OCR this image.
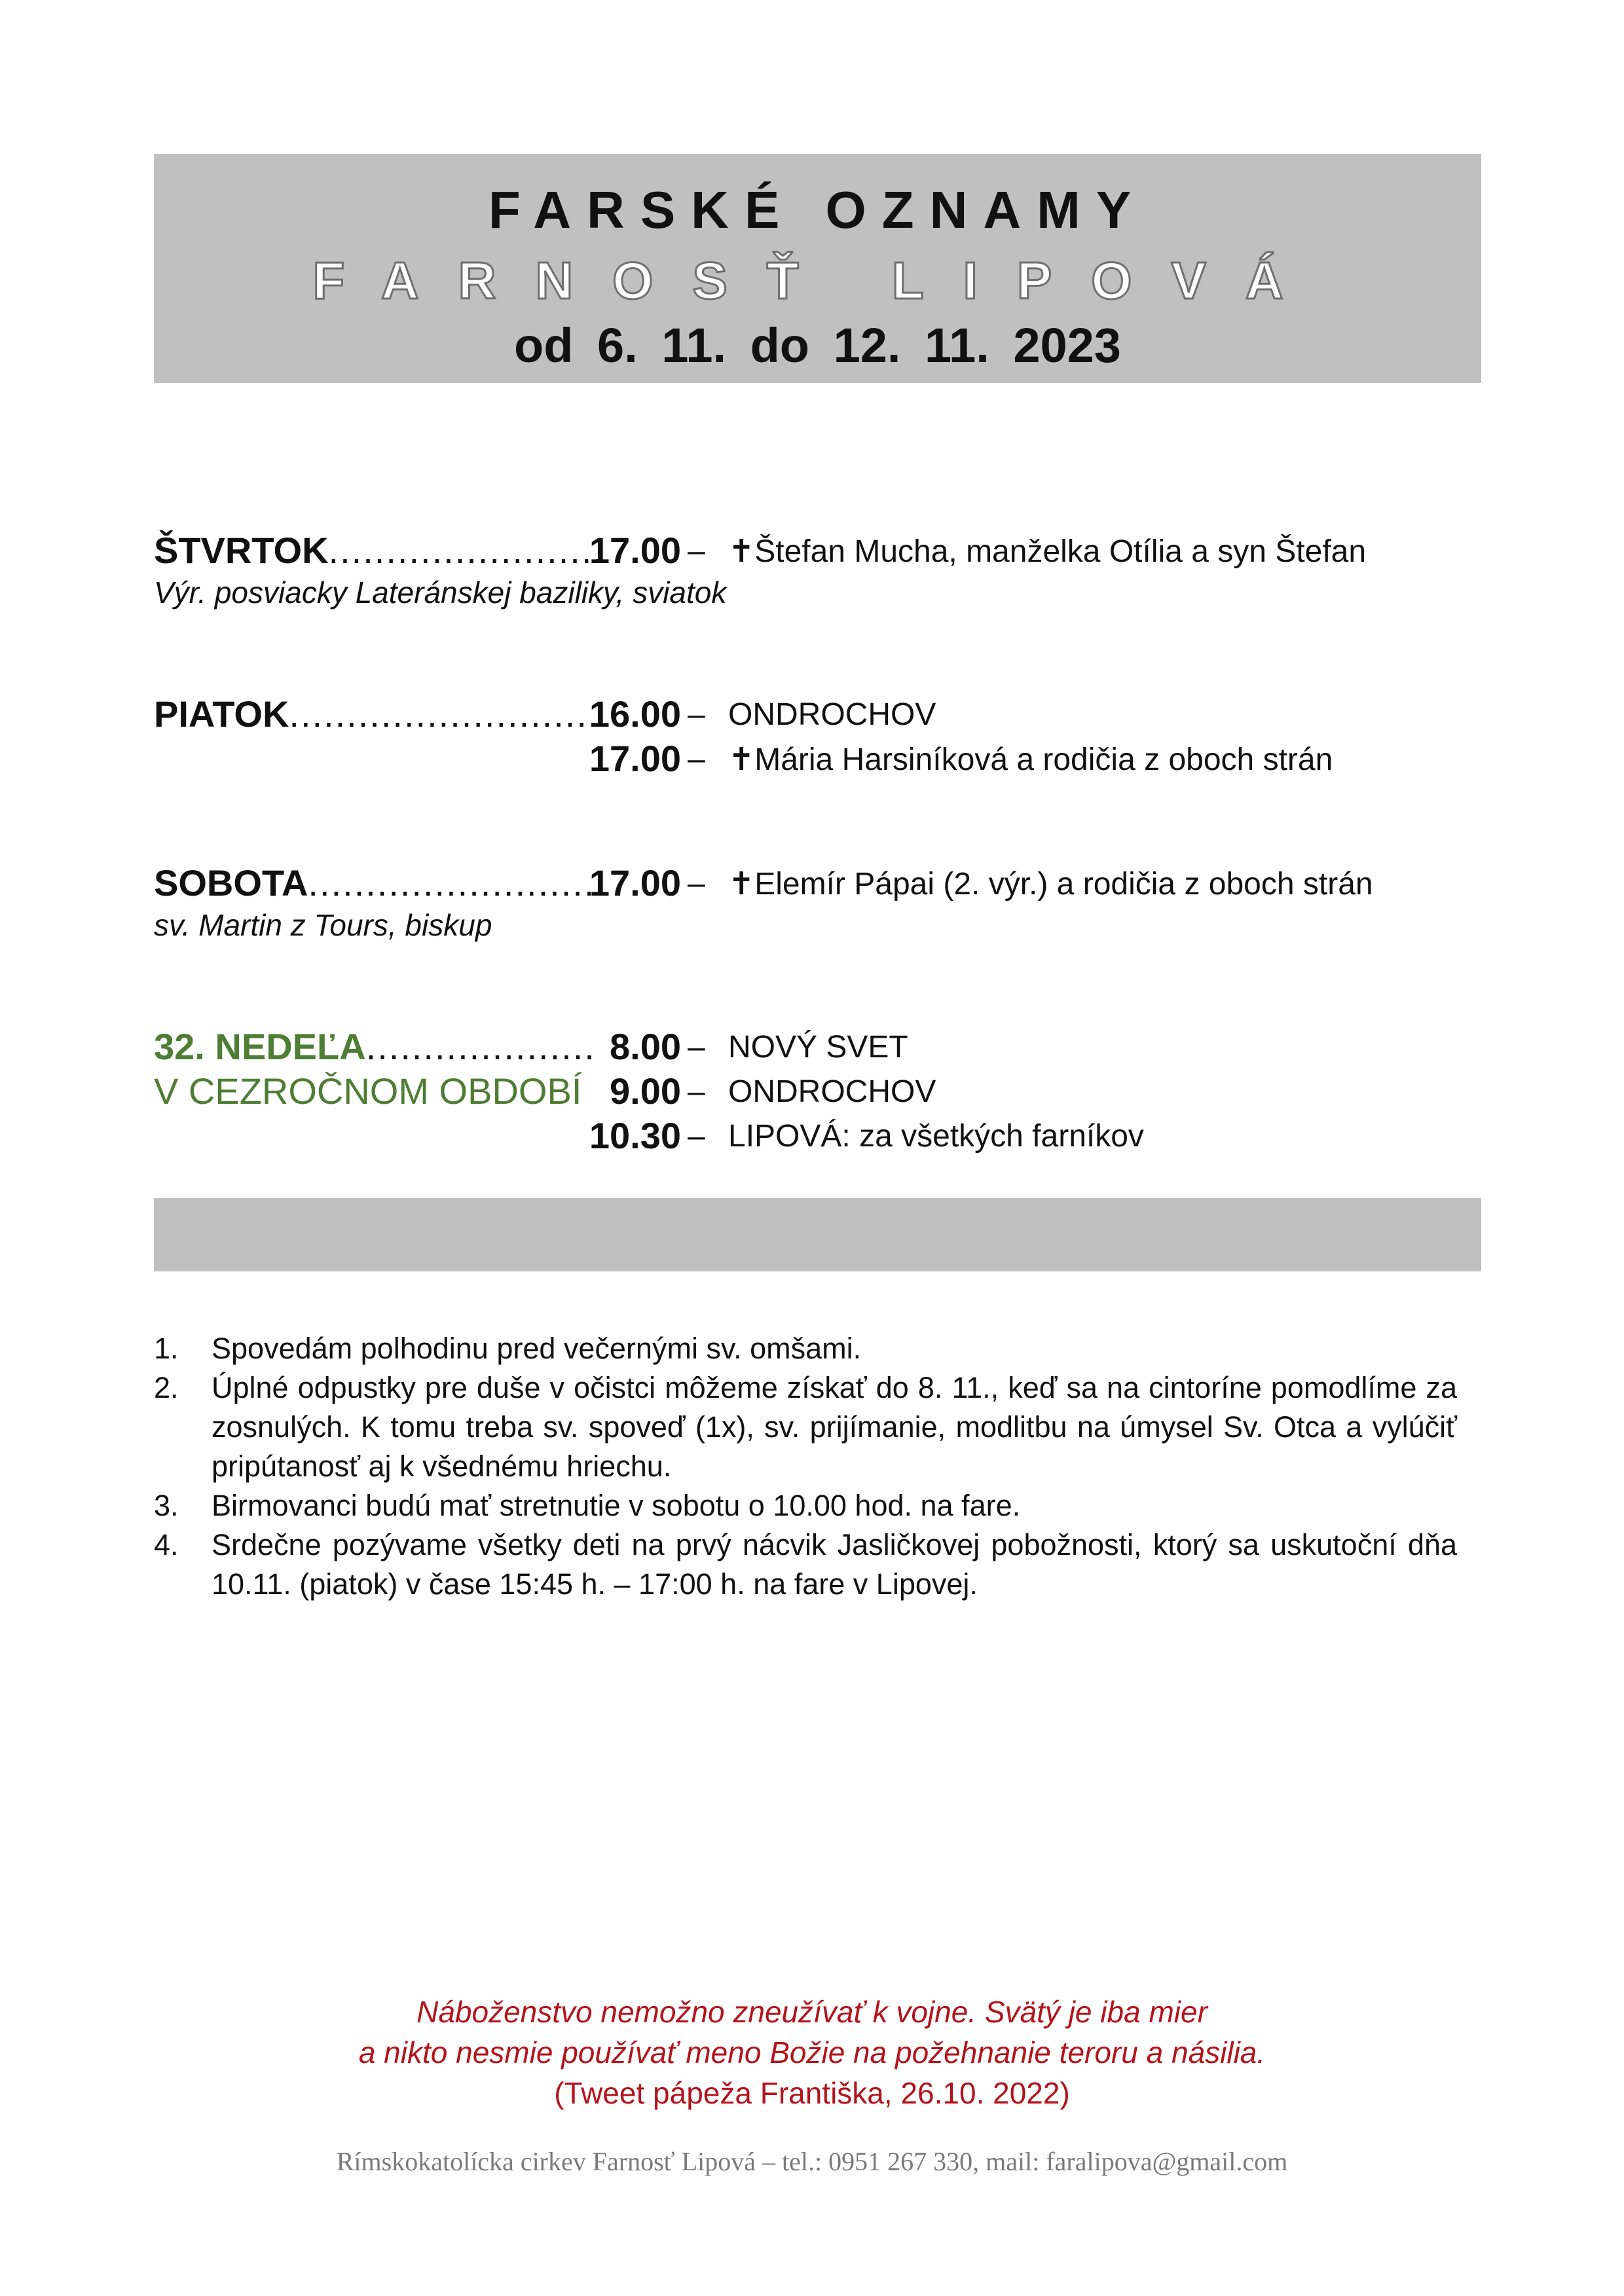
FARSKÉ OZNAMY
FARNOSŤ LIPOVÁ
od 6. 11. do 12. 11. 2023
ŠTVRTOK........................
17.00 – ✝Štefan Mucha, manželka Otília a syn Štefan
Výr. posviacky Lateránskej baziliky, sviatok
PIATOK...........................
16.00 – ONDROCHOV
17.00 – ✝Mária Harsiníková a rodičia z oboch strán
SOBOTA..........................
17.00 – ✝Elemír Pápai (2. výr.) a rodičia z oboch strán
sv. Martin z Tours, biskup
32. NEDEĽA....................
V CEZROČNOM OBDOBÍ
8.00 – NOVÝ SVET
9.00 – ONDROCHOV
10.30 – LIPOVÁ: za všetkých farníkov
1. Spovedám polhodinu pred večernými sv. omšami.
2. Úplné odpustky pre duše v očistci môžeme získať do 8. 11., keď sa na cintoríne pomodlíme za zosnulých. K tomu treba sv. spoveď (1x), sv. prijímanie, modlitbu na úmysel Sv. Otca a vylúčiť pripútanosť aj k všednému hriechu.
3. Birmovanci budú mať stretnutie v sobotu o 10.00 hod. na fare.
4. Srdečne pozývame všetky deti na prvý nácvik Jasličkovej pobožnosti, ktorý sa uskutoční dňa 10.11. (piatok) v čase 15:45 h. – 17:00 h. na fare v Lipovej.
Náboženstvo nemožno zneužívať k vojne. Svätý je iba mier
a nikto nesmie používať meno Božie na požehnanie teroru a násilia.
(Tweet pápeža Františka, 26.10. 2022)
Rímskokatolícka cirkev Farnosť Lipová – tel.: 0951 267 330, mail: faralipova@gmail.com
